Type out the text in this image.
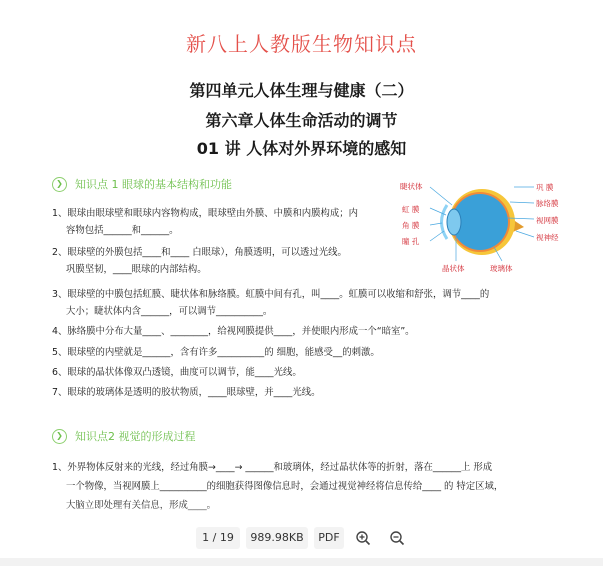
新八上人教版生物知识点
第四单元人体生理与健康（二）
第六章人体生命活动的调节
01 讲 人体对外界环境的感知
❯	知识点 1 眼球的基本结构和功能
1、眼球由眼球壁和眼球内容物构成，眼球壁由外膜、中膜和内膜构成；内
容物包括______和______。
2、眼球壁的外膜包括____和____ 白眼球），角膜透明，可以透过光线。
巩膜坚韧，____眼球的内部结构。
3、眼球壁的中膜包括虹膜、睫状体和脉络膜。虹膜中间有孔，叫____。虹膜可以收缩和舒张，调节____的
大小；睫状体内含______，可以调节__________。
4、脉络膜中分布大量____、________，给视网膜提供____，并使眼内形成一个“暗室”。
5、眼球壁的内壁就是______，含有许多__________的 细胞，能感受__的刺激。
6、眼球的晶状体像双凸透镜，曲度可以调节，能____光线。
7、眼球的玻璃体是透明的胶状物质，____眼球壁，并____光线。
睫状体
虹 膜
角 膜
瞳 孔
巩 膜
脉络膜
视网膜
视神经
晶状体	玻璃体
❯	知识点2 视觉的形成过程
1、外界物体反射来的光线，经过角膜→____→ ______和玻璃体，经过晶状体等的折射，落在______上 形成
一个物像，当视网膜上__________的细胞获得图像信息时，会通过视觉神经将信息传给____ 的 特定区域，
大脑立即处理有关信息，形成____。
1 / 19	989.98KB	PDF
